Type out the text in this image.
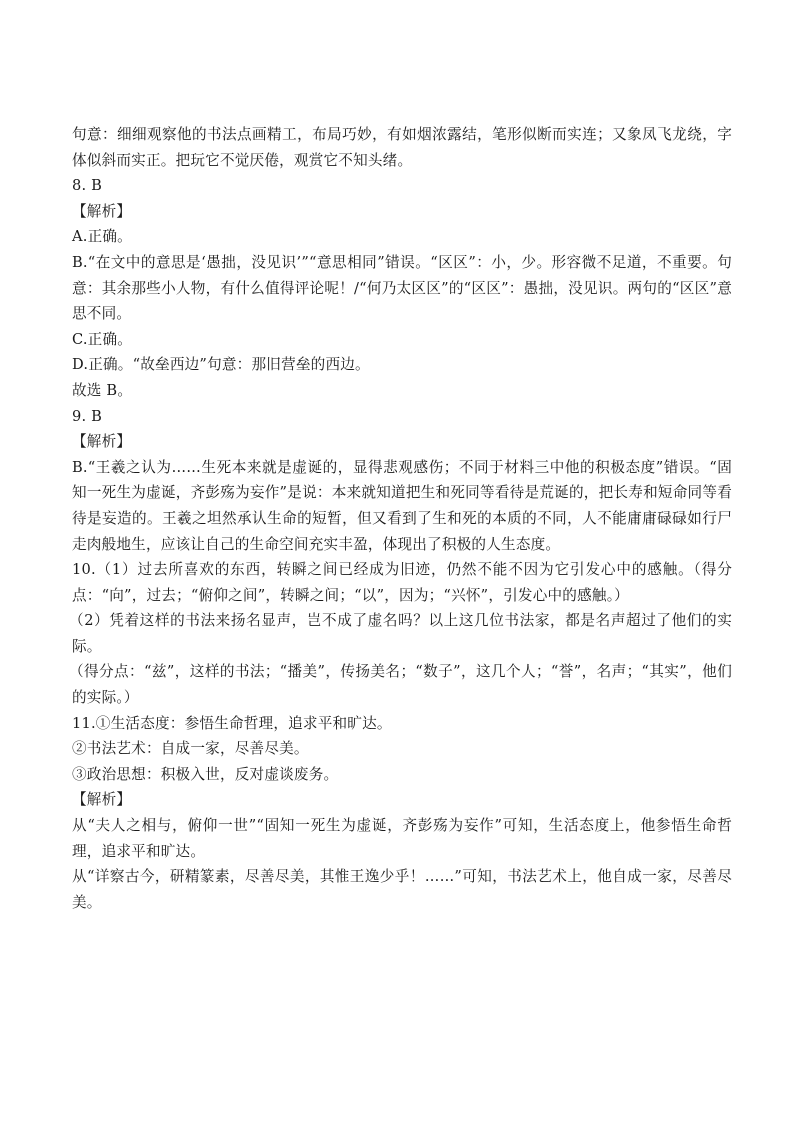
句意：细细观察他的书法点画精工，布局巧妙，有如烟浓露结，笔形似断而实连；又象凤飞龙绕，字体似斜而实正。把玩它不觉厌倦，观赏它不知头绪。

8. B

【解析】

A.正确。

B.“在文中的意思是‘愚拙，没见识’”“意思相同”错误。“区区”：小，少。形容微不足道，不重要。句意：其余那些小人物，有什么值得评论呢！/“何乃太区区”的“区区”：愚拙，没见识。两句的“区区”意思不同。

C.正确。

D.正确。“故垒西边”句意：那旧营垒的西边。

故选 B。

9. B

【解析】

B.“王羲之认为……生死本来就是虚诞的，显得悲观感伤；不同于材料三中他的积极态度”错误。“固知一死生为虚诞，齐彭殇为妄作”是说：本来就知道把生和死同等看待是荒诞的，把长寿和短命同等看待是妄造的。王羲之坦然承认生命的短暂，但又看到了生和死的本质的不同，人不能庸庸碌碌如行尸走肉般地生，应该让自己的生命空间充实丰盈，体现出了积极的人生态度。

10.（1）过去所喜欢的东西，转瞬之间已经成为旧迹，仍然不能不因为它引发心中的感触。（得分点：“向”，过去；“俯仰之间”，转瞬之间；“以”，因为；“兴怀”，引发心中的感触。）

（2）凭着这样的书法来扬名显声，岂不成了虚名吗？以上这几位书法家，都是名声超过了他们的实际。

（得分点：“兹”，这样的书法；“播美”，传扬美名；“数子”，这几个人；“誉”，名声；“其实”，他们的实际。）

11.①生活态度：参悟生命哲理，追求平和旷达。

②书法艺术：自成一家，尽善尽美。

③政治思想：积极入世，反对虚谈废务。

【解析】

从“夫人之相与，俯仰一世”“固知一死生为虚诞，齐彭殇为妄作”可知，生活态度上，他参悟生命哲理，追求平和旷达。

从“详察古今，研精篆素，尽善尽美，其惟王逸少乎！……”可知，书法艺术上，他自成一家，尽善尽美。
